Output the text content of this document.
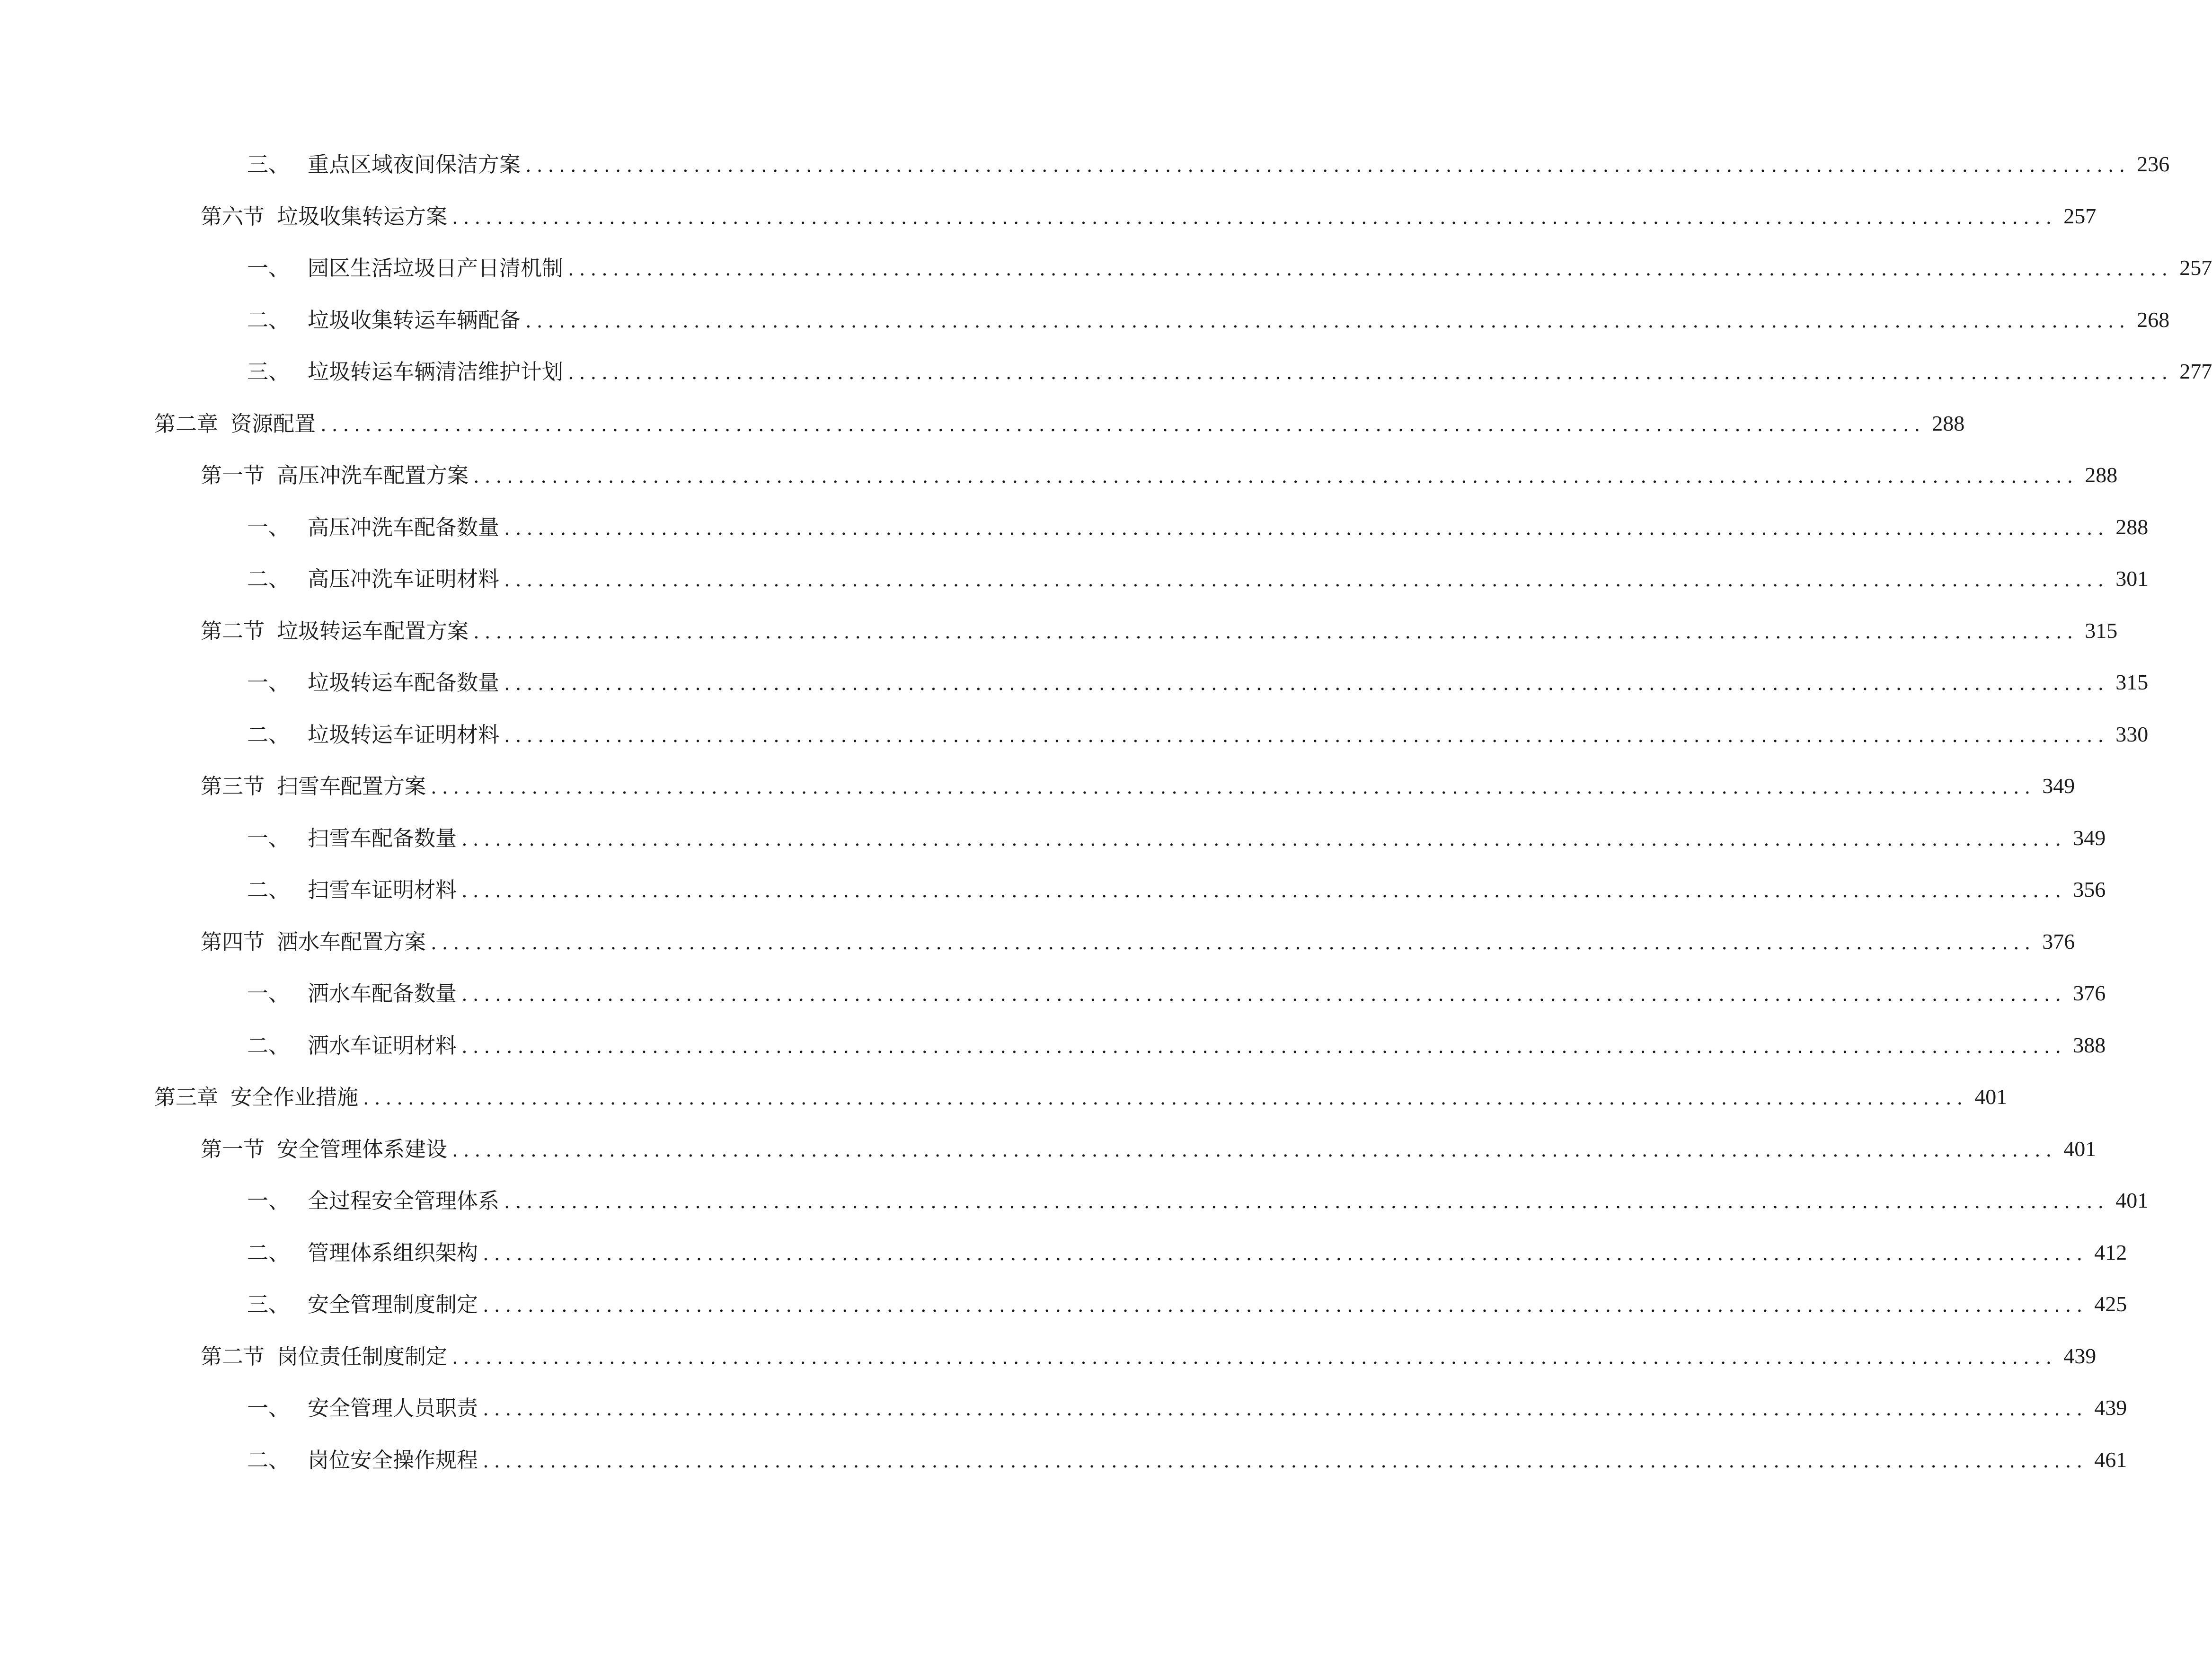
三、 重点区域夜间保洁方案 ............................................................................................................................................... 236
第六节 垃圾收集转运方案 ............................................................................................................................................... 257
一、 园区生活垃圾日产日清机制 ............................................................................................................................................... 257
二、 垃圾收集转运车辆配备 ............................................................................................................................................... 268
三、 垃圾转运车辆清洁维护计划 ............................................................................................................................................... 277
第二章 资源配置 ............................................................................................................................................... 288
第一节 高压冲洗车配置方案 ............................................................................................................................................... 288
一、 高压冲洗车配备数量 ............................................................................................................................................... 288
二、 高压冲洗车证明材料 ............................................................................................................................................... 301
第二节 垃圾转运车配置方案 ............................................................................................................................................... 315
一、 垃圾转运车配备数量 ............................................................................................................................................... 315
二、 垃圾转运车证明材料 ............................................................................................................................................... 330
第三节 扫雪车配置方案 ............................................................................................................................................... 349
一、 扫雪车配备数量 ............................................................................................................................................... 349
二、 扫雪车证明材料 ............................................................................................................................................... 356
第四节 洒水车配置方案 ............................................................................................................................................... 376
一、 洒水车配备数量 ............................................................................................................................................... 376
二、 洒水车证明材料 ............................................................................................................................................... 388
第三章 安全作业措施 ............................................................................................................................................... 401
第一节 安全管理体系建设 ............................................................................................................................................... 401
一、 全过程安全管理体系 ............................................................................................................................................... 401
二、 管理体系组织架构 ............................................................................................................................................... 412
三、 安全管理制度制定 ............................................................................................................................................... 425
第二节 岗位责任制度制定 ............................................................................................................................................... 439
一、 安全管理人员职责 ............................................................................................................................................... 439
二、 岗位安全操作规程 ............................................................................................................................................... 461
